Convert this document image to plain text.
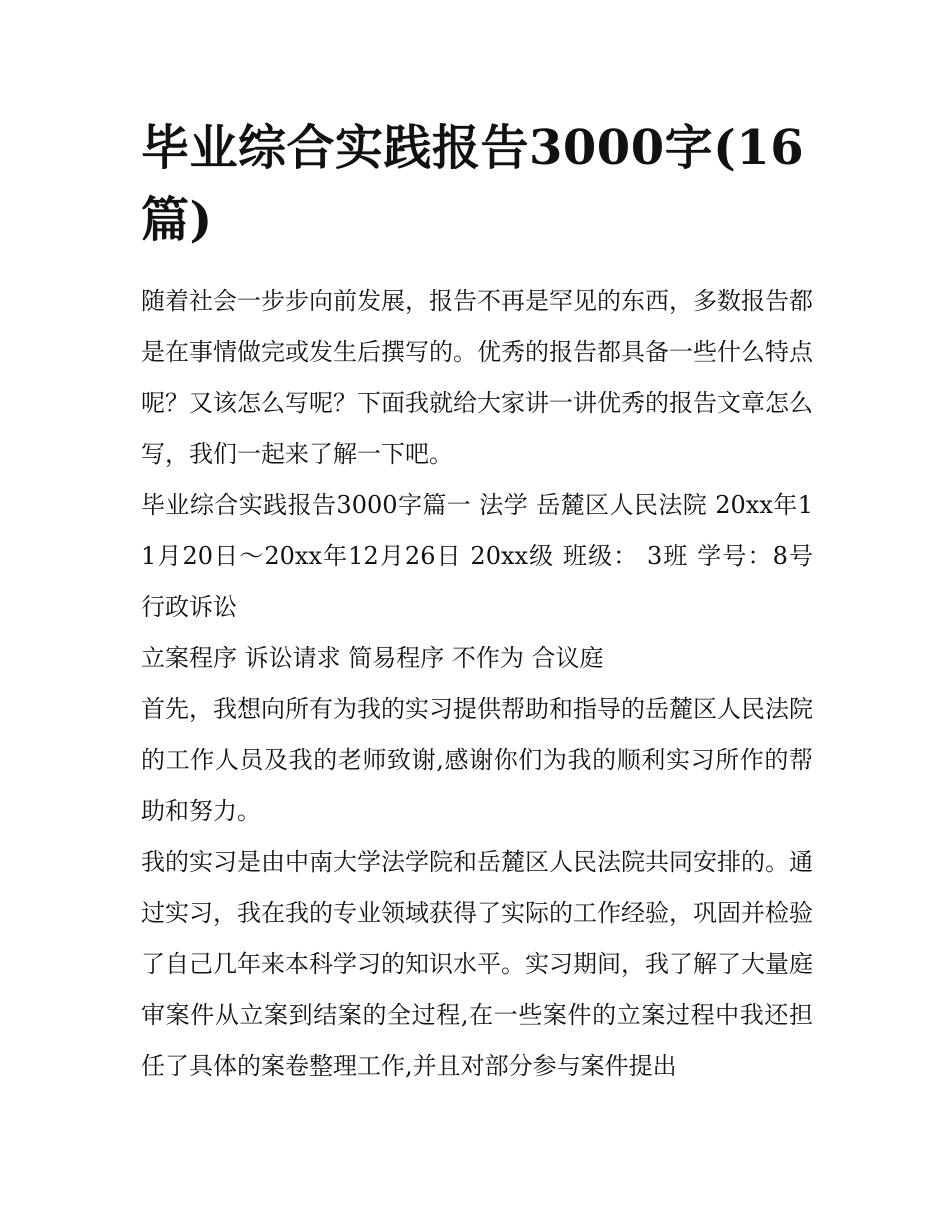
毕业综合实践报告3000字(16篇)

随着社会一步步向前发展，报告不再是罕见的东西，多数报告都是在事情做完或发生后撰写的。优秀的报告都具备一些什么特点呢？又该怎么写呢？下面我就给大家讲一讲优秀的报告文章怎么写，我们一起来了解一下吧。

毕业综合实践报告3000字篇一 法学 岳麓区人民法院 20xx年11月20日～20xx年12月26日 20xx级 班级： 3班 学号：8号 行政诉讼

立案程序 诉讼请求 简易程序 不作为 合议庭

首先，我想向所有为我的实习提供帮助和指导的岳麓区人民法院的工作人员及我的老师致谢,感谢你们为我的顺利实习所作的帮助和努力。

我的实习是由中南大学法学院和岳麓区人民法院共同安排的。通过实习，我在我的专业领域获得了实际的工作经验，巩固并检验了自己几年来本科学习的知识水平。实习期间，我了解了大量庭审案件从立案到结案的全过程,在一些案件的立案过程中我还担任了具体的案卷整理工作,并且对部分参与案件提出
